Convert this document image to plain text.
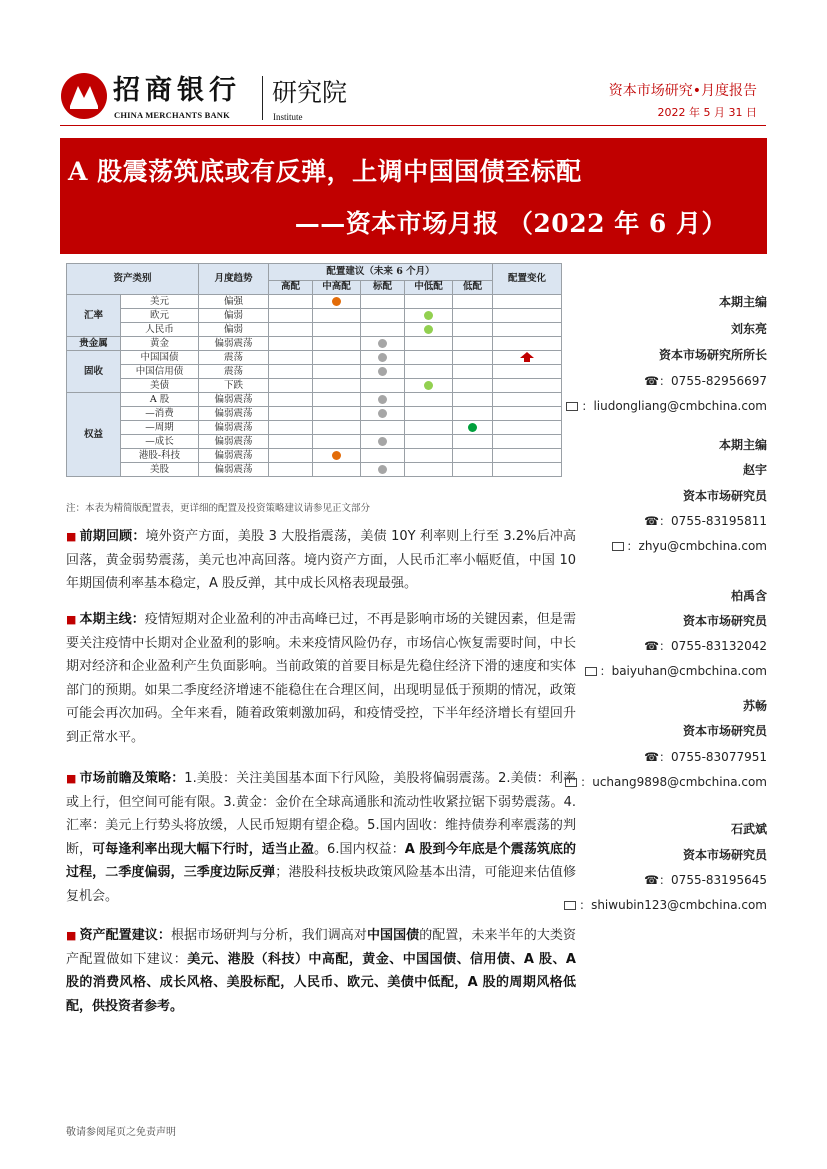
招商银行
CHINA MERCHANTS BANK
研究院
Institute
资本市场研究•月度报告
2022 年 5 月 31 日
A 股震荡筑底或有反弹，上调中国国债至标配
——资本市场月报 （2022 年 6 月）
资产类别		月度趋势	配置建议（未来 6 个月）					配置变化
			高配	中高配	标配	中低配	低配	
汇率	美元	偏强						
	欧元	偏弱						
	人民币	偏弱						
贵金属	黄金	偏弱震荡						
固收	中国国债	震荡						
	中国信用债	震荡						
	美债	下跌						
权益	A 股	偏弱震荡						
	—消费	偏弱震荡						
	—周期	偏弱震荡						
	—成长	偏弱震荡						
	港股-科技	偏弱震荡						
	美股	偏弱震荡						
注：本表为精简版配置表，更详细的配置及投资策略建议请参见正文部分
■ 前期回顾：境外资产方面，美股 3 大股指震荡，美债 10Y 利率则上行至 3.2%后冲高回落，黄金弱势震荡，美元也冲高回落。境内资产方面，人民币汇率小幅贬值，中国 10 年期国债利率基本稳定，A 股反弹，其中成长风格表现最强。
■ 本期主线：疫情短期对企业盈利的冲击高峰已过，不再是影响市场的关键因素，但是需要关注疫情中长期对企业盈利的影响。未来疫情风险仍存，市场信心恢复需要时间，中长期对经济和企业盈利产生负面影响。当前政策的首要目标是先稳住经济下滑的速度和实体部门的预期。如果二季度经济增速不能稳住在合理区间，出现明显低于预期的情况，政策可能会再次加码。全年来看，随着政策刺激加码，和疫情受控，下半年经济增长有望回升到正常水平。
■ 市场前瞻及策略：1.美股：关注美国基本面下行风险，美股将偏弱震荡。2.美债：利率或上行，但空间可能有限。3.黄金：金价在全球高通胀和流动性收紧拉锯下弱势震荡。4.汇率：美元上行势头将放缓，人民币短期有望企稳。5.国内固收：维持债券利率震荡的判断，可每逢利率出现大幅下行时，适当止盈。6.国内权益：A 股到今年底是个震荡筑底的过程，二季度偏弱，三季度边际反弹；港股科技板块政策风险基本出清，可能迎来估值修复机会。
■ 资产配置建议：根据市场研判与分析，我们调高对中国国债的配置，未来半年的大类资产配置做如下建议：美元、港股（科技）中高配，黄金、中国国债、信用债、A 股、A 股的消费风格、成长风格、美股标配，人民币、欧元、美债中低配，A 股的周期风格低配，供投资者参考。
本期主编
刘东亮
资本市场研究所所长
☎：0755-82956697
：liudongliang@cmbchina.com
本期主编
赵宇
资本市场研究员
☎：0755-83195811
：zhyu@cmbchina.com
柏禹含
资本市场研究员
☎：0755-83132042
：baiyuhan@cmbchina.com
苏畅
资本市场研究员
☎：0755-83077951
：uchang9898@cmbchina.com
石武斌
资本市场研究员
☎：0755-83195645
：shiwubin123@cmbchina.com
敬请参阅尾页之免责声明
